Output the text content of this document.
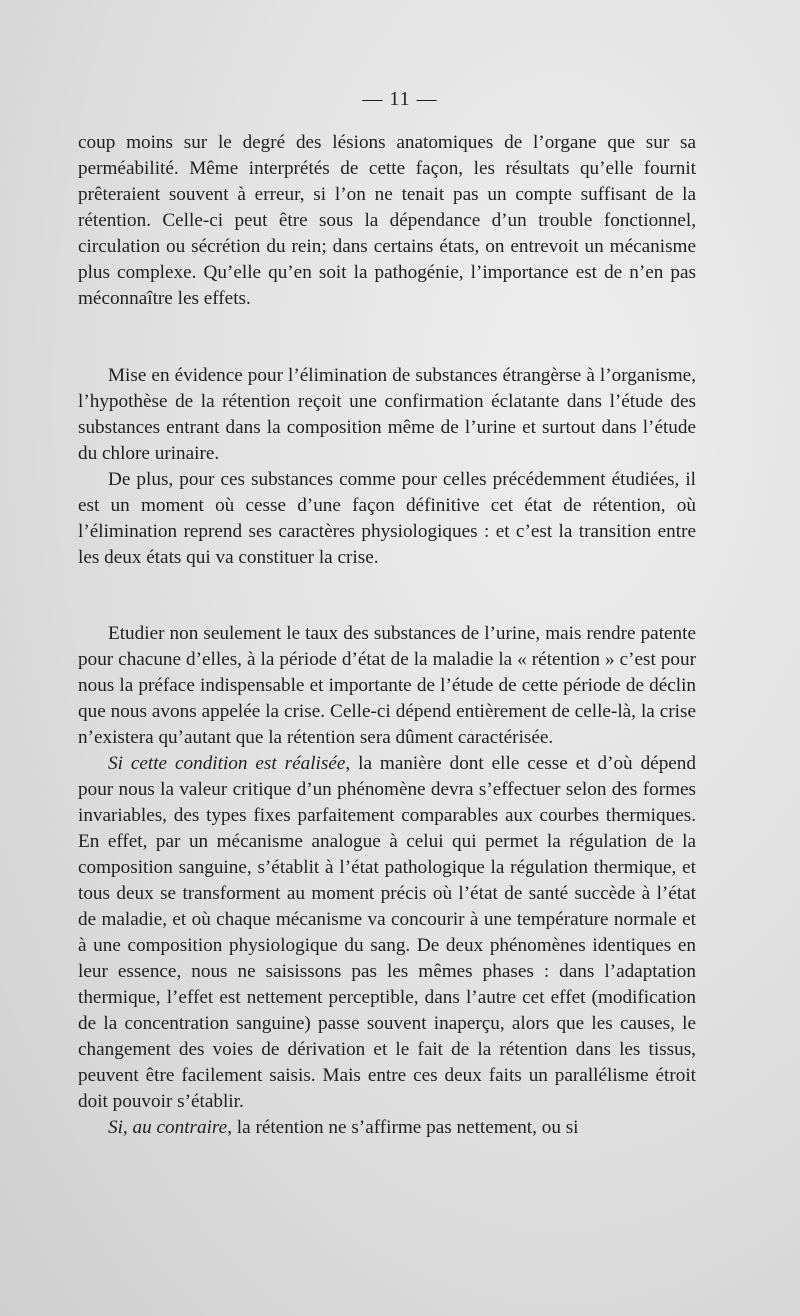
— 11 —

coup moins sur le degré des lésions anatomiques de l’organe que sur sa perméabilité. Même interprétés de cette façon, les résultats qu’elle fournit prêteraient souvent à erreur, si l’on ne tenait pas un compte suffisant de la rétention. Celle-ci peut être sous la dépendance d’un trouble fonctionnel, circulation ou sécrétion du rein; dans certains états, on entrevoit un mécanisme plus complexe. Qu’elle qu’en soit la pathogénie, l’importance est de n’en pas méconnaître les effets.

Mise en évidence pour l’élimination de substances étrangèrse à l’organisme, l’hypothèse de la rétention reçoit une confirmation éclatante dans l’étude des substances entrant dans la composition même de l’urine et surtout dans l’étude du chlore urinaire.

De plus, pour ces substances comme pour celles précédemment étudiées, il est un moment où cesse d’une façon définitive cet état de rétention, où l’élimination reprend ses caractères physiologiques : et c’est la transition entre les deux états qui va constituer la crise.

Etudier non seulement le taux des substances de l’urine, mais rendre patente pour chacune d’elles, à la période d’état de la maladie la « rétention » c’est pour nous la préface indispensable et importante de l’étude de cette période de déclin que nous avons appelée la crise. Celle-ci dépend entièrement de celle-là, la crise n’existera qu’autant que la rétention sera dûment caractérisée.

Si cette condition est réalisée, la manière dont elle cesse et d’où dépend pour nous la valeur critique d’un phénomène devra s’effectuer selon des formes invariables, des types fixes parfaitement comparables aux courbes thermiques. En effet, par un mécanisme analogue à celui qui permet la régulation de la composition sanguine, s’établit à l’état pathologique la régulation thermique, et tous deux se transforment au moment précis où l’état de santé succède à l’état de maladie, et où chaque mécanisme va concourir à une température normale et à une composition physiologique du sang. De deux phénomènes identiques en leur essence, nous ne saisissons pas les mêmes phases : dans l’adaptation thermique, l’effet est nettement perceptible, dans l’autre cet effet (modification de la concentration sanguine) passe souvent inaperçu, alors que les causes, le changement des voies de dérivation et le fait de la rétention dans les tissus, peuvent être facilement saisis. Mais entre ces deux faits un parallélisme étroit doit pouvoir s’établir.

Si, au contraire, la rétention ne s’affirme pas nettement, ou si
